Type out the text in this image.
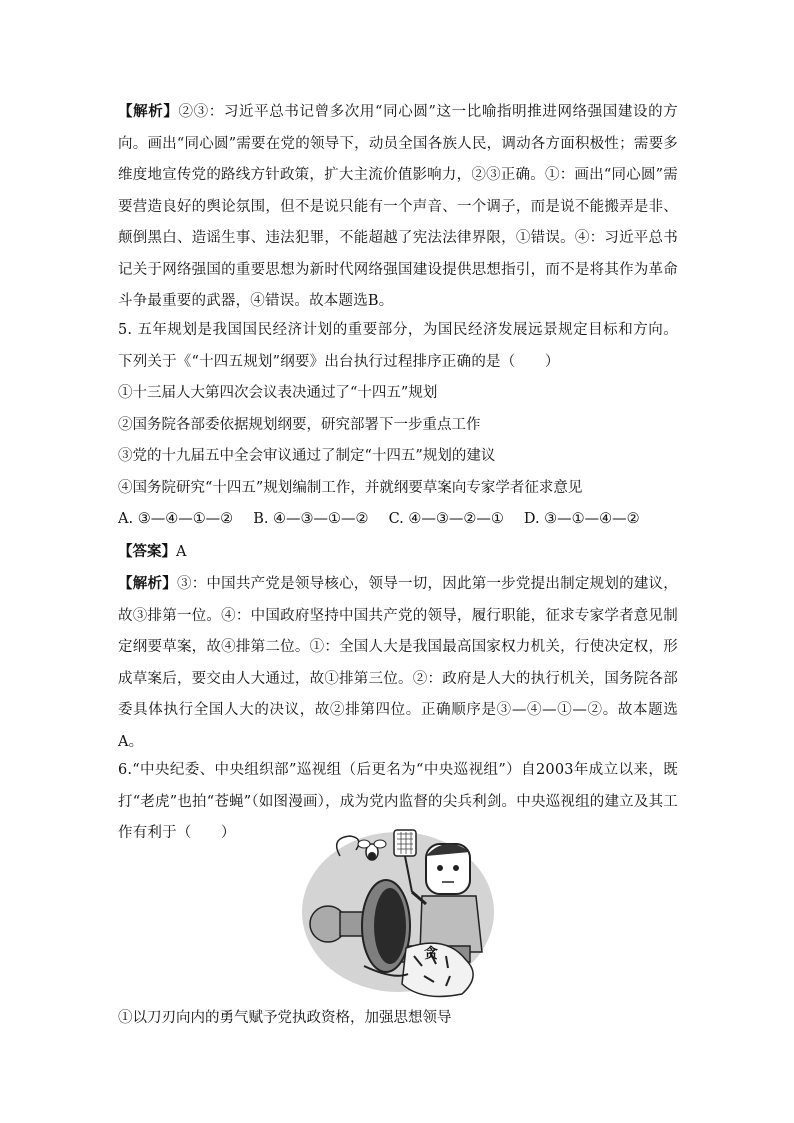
【解析】②③：习近平总书记曾多次用“同心圆”这一比喻指明推进网络强国建设的方向。画出“同心圆”需要在党的领导下，动员全国各族人民，调动各方面积极性；需要多维度地宣传党的路线方针政策，扩大主流价值影响力，②③正确。①：画出“同心圆”需要营造良好的舆论氛围，但不是说只能有一个声音、一个调子，而是说不能搬弄是非、颠倒黑白、造谣生事、违法犯罪，不能超越了宪法法律界限，①错误。④：习近平总书记关于网络强国的重要思想为新时代网络强国建设提供思想指引，而不是将其作为革命斗争最重要的武器，④错误。故本题选B。

5. 五年规划是我国国民经济计划的重要部分，为国民经济发展远景规定目标和方向。下列关于《“十四五规划”纲要》出台执行过程排序正确的是（　　）

①十三届人大第四次会议表决通过了“十四五”规划

②国务院各部委依据规划纲要，研究部署下一步重点工作

③党的十九届五中全会审议通过了制定“十四五”规划的建议

④国务院研究“十四五”规划编制工作，并就纲要草案向专家学者征求意见

A. ③—④—①—② B. ④—③—①—② C. ④—③—②—① D. ③—①—④—②

【答案】A

【解析】③：中国共产党是领导核心，领导一切，因此第一步党提出制定规划的建议，故③排第一位。④：中国政府坚持中国共产党的领导，履行职能，征求专家学者意见制定纲要草案，故④排第二位。①：全国人大是我国最高国家权力机关，行使决定权，形成草案后，要交由人大通过，故①排第三位。②：政府是人大的执行机关，国务院各部委具体执行全国人大的决议，故②排第四位。正确顺序是③—④—①—②。故本题选A。

6.“中央纪委、中央组织部”巡视组（后更名为“中央巡视组”）自2003年成立以来，既打“老虎”也拍“苍蝇”（如图漫画），成为党内监督的尖兵利剑。中央巡视组的建立及其工作有利于（　　）

贪

①以刀刃向内的勇气赋予党执政资格，加强思想领导
